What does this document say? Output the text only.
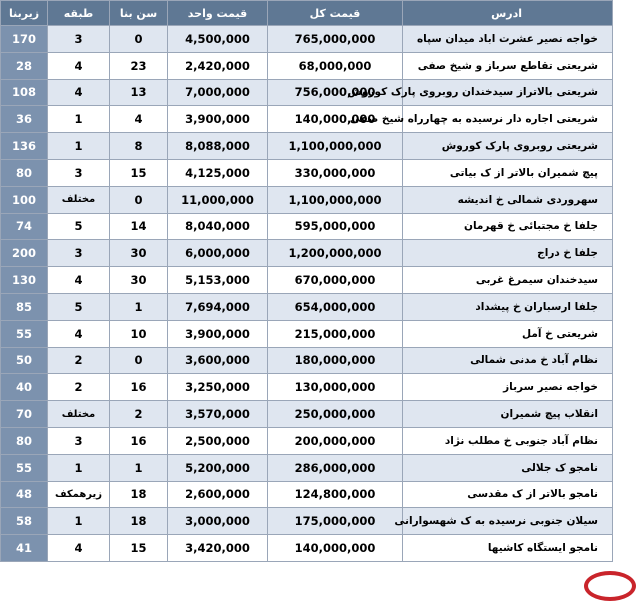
زیربنا	طبقه	سن بنا	قیمت واحد	قیمت کل	ادرس
170	3	0	4,500,000	765,000,000	خواجه نصیر عشرت اباد میدان سپاه
28	4	23	2,420,000	68,000,000	شریعتی تقاطع سرباز و شیخ صفی
108	4	13	7,000,000	756,000,000	شریعتی بالاتراز سیدخندان روبروی پارک کوروش
36	1	4	3,900,000	140,000,000	شریعتی اجاره دار نرسیده به چهارراه شیخ صفی
136	1	8	8,088,000	1,100,000,000	شریعتی روبروی پارک کوروش
80	3	15	4,125,000	330,000,000	پیچ شمیران بالاتر از ک بیاتی
100	مختلف	0	11,000,000	1,100,000,000	سهروردی شمالی خ اندیشه
74	5	14	8,040,000	595,000,000	جلفا خ مجتبائی خ قهرمان
200	3	30	6,000,000	1,200,000,000	جلفا خ دراج
130	4	30	5,153,000	670,000,000	سیدخندان سیمرغ غربی
85	5	1	7,694,000	654,000,000	جلفا ارسباران خ پیشداد
55	4	10	3,900,000	215,000,000	شریعتی خ آمل
50	2	0	3,600,000	180,000,000	نظام آباد خ مدنی شمالی
40	2	16	3,250,000	130,000,000	خواجه نصیر سرباز
70	مختلف	2	3,570,000	250,000,000	انقلاب پیچ شمیران
80	3	16	2,500,000	200,000,000	نظام آباد جنوبی خ مطلب نژاد
55	1	1	5,200,000	286,000,000	نامجو ک جلالی
48	زیرهمکف	18	2,600,000	124,800,000	نامجو بالاتر از ک مقدسی
58	1	18	3,000,000	175,000,000	سیلان جنوبی نرسیده به ک شهسوارانی
41	4	15	3,420,000	140,000,000	نامجو ایستگاه کاشیها
